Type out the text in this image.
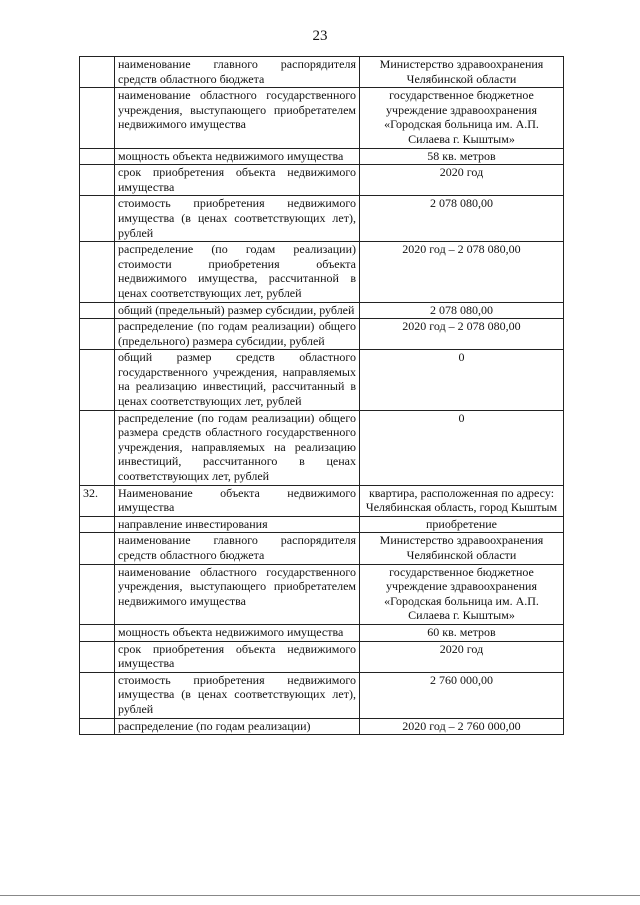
23
	наименование главного распорядителя средств областного бюджета	Министерство здравоохранения Челябинской области
	наименование областного государственного учреждения, выступающего приобретателем недвижимого имущества	государственное бюджетное учреждение здравоохранения «Городская больница им. А.П. Силаева г. Кыштым»
	мощность объекта недвижимого имущества	58 кв. метров
	срок приобретения объекта недвижимого имущества	2020 год
	стоимость приобретения недвижимого имущества (в ценах соответствующих лет), рублей	2 078 080,00
	распределение (по годам реализации) стоимости приобретения объекта недвижимого имущества, рассчитанной в ценах соответствующих лет, рублей	2020 год – 2 078 080,00
	общий (предельный) размер субсидии, рублей	2 078 080,00
	распределение (по годам реализации) общего (предельного) размера субсидии, рублей	2020 год – 2 078 080,00
	общий размер средств областного государственного учреждения, направляемых на реализацию инвестиций, рассчитанный в ценах соответствующих лет, рублей	0
	распределение (по годам реализации) общего размера средств областного государственного учреждения, направляемых на реализацию инвестиций, рассчитанного в ценах соответствующих лет, рублей	0
32.	Наименование объекта недвижимого имущества	квартира, расположенная по адресу: Челябинская область, город Кыштым
	направление инвестирования	приобретение
	наименование главного распорядителя средств областного бюджета	Министерство здравоохранения Челябинской области
	наименование областного государственного учреждения, выступающего приобретателем недвижимого имущества	государственное бюджетное учреждение здравоохранения «Городская больница им. А.П. Силаева г. Кыштым»
	мощность объекта недвижимого имущества	60 кв. метров
	срок приобретения объекта недвижимого имущества	2020 год
	стоимость приобретения недвижимого имущества (в ценах соответствующих лет), рублей	2 760 000,00
	распределение (по годам реализации)	2020 год – 2 760 000,00
